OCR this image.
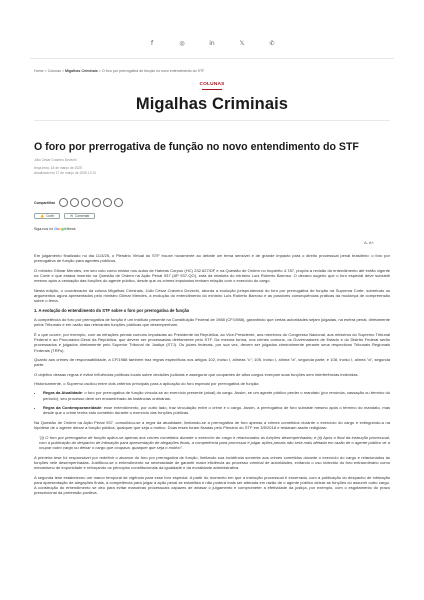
f	◎	in	𝕏	✆
Home > Colunas > Migalhas Criminais > O foro por prerrogativa de função no novo entendimento do STF
COLUNAS
Migalhas Criminais
O foro por prerrogativa de função no novo entendimento do STF
Júlio César Craveiro Devechi
terça-feira, 18 de março de 2025
Atualizado em 17 de março de 2025 12:12
Compartilhar
👍 Curtir	✉ Comentar
Siga-nos no GoogleNews
A- A+

Em julgamento finalizado no dia 11/3/25, o Plenário Virtual do STF trouxe novamente ao debate um tema sensível e de grande impacto para o direito processual penal brasileiro: o foro por prerrogativa de função para agentes públicos.

O ministro Gilmar Mendes, em seu voto como relator nos autos de Habeas Corpus (HC) 232.627/DF e na Questão de Ordem no Inquérito 4.787, propôs a revisão do entendimento até então vigente na Corte e que estava inserido na Questão de Ordem na Ação Penal 937 (AP 937-QO), esta da relatoria do ministro Luís Roberto Barroso. O decano sugeriu que o foro especial deve subsistir mesmo após a cessação das funções do agente público, desde que os crimes imputados tenham relação com o exercício do cargo.

Nesta edição, o coordenador da coluna Migalhas Criminais, Júlio César Craveiro Devechi, aborda a evolução jurisprudencial do foro por prerrogativa de função na Suprema Corte, sobretudo os argumentos agora apresentados pelo ministro Gilmar Mendes, a evolução do entendimento do ministro Luís Roberto Barroso e as possíveis consequências práticas da mudança de compreensão sobre o tema.

1. A evolução do entendimento do STF sobre o foro por prerrogativa de função

A competência do foro por prerrogativa de função é um instituto presente na Constituição Federal de 1988 (CF/1988), garantindo que certas autoridades sejam julgadas, na esfera penal, diretamente pelos Tribunais e em razão das relevantes funções públicas que desempenham.

É o que ocorre, por exemplo, com as infrações penais comuns imputadas ao Presidente da República, ao Vice-Presidente, aos membros do Congresso Nacional, aos ministros do Supremo Tribunal Federal e ao Procurador-Geral da República, que devem ser processadas diretamente pelo STF. Da mesma forma, nos crimes comuns, os Governadores de Estado e do Distrito Federal serão processados e julgados diretamente pelo Superior Tribunal de Justiça (STJ). Os juízes federais, por sua vez, devem ser julgados criminalmente perante seus respectivos Tribunais Regionais Federais (TRFs).

Quanto aos crimes de responsabilidade, a CF/1988 também traz regras específicas nos artigos 102, inciso I, alíneas "c"; 105, inciso I, alínea "a", segunda parte; e 108, inciso I, alínea "a", segunda parte.

O objetivo dessas regras é evitar influências políticas locais sobre decisões judiciais e assegurar que ocupantes de altos cargos exerçam suas funções sem interferências indevidas.

Historicamente, o Supremo oscilou entre dois critérios principais para a aplicação do foro especial por prerrogativa de função:

• Regra da Atualidade: o foro por prerrogativa de função vincula-se ao exercício presente (atual) do cargo. Assim, se um agente público perder o mandato (por renúncia, cassação ou término do período), seu processo deve ser encaminhado às instâncias ordinárias.
• Regra da Contemporaneidade: esse entendimento, por outro lado, traz vinculação entre o crime e o cargo. Assim, a prerrogativa de foro subsiste mesmo após o término do mandato, mas desde que o crime tenha sido cometido durante o exercício das funções públicas.

Na Questão de Ordem na Ação Penal 937, consolidou-se a regra da atualidade, limitando-se a prerrogativa de foro apenas a crimes cometidos durante o exercício do cargo e extinguindo-a na hipótese de o agente deixar a função pública, qualquer que seja o motivo. Duas teses foram fixadas pelo Plenário do STF em 3/5/2018 e restaram assim redigidas:

"(i) O foro por prerrogativa de função aplica-se apenas aos crimes cometidos durante o exercício do cargo e relacionados às funções desempenhadas; e (ii) Após o final da instrução processual, com a publicação do despacho de intimação para apresentação de alegações finais, a competência para processar e julgar ações penais não será mais afetada em razão de o agente público vir a ocupar outro cargo ou deixar o cargo que ocupava, qualquer que seja o motivo".

A primeira tese foi responsável por redefinir o alcance do foro por prerrogativa de função, limitando sua incidência somente aos crimes cometidos durante o exercício do cargo e relacionados às funções nele desempenhadas. Justificou-se o entendimento na necessidade de garantir maior eficiência ao processo criminal de autoridades, evitando o uso indevido do foro extraordinário como mecanismo de impunidade e reforçando os princípios constitucionais da igualdade e da moralidade administrativa.

A segunda tese estabeleceu um marco temporal de vigência para esse foro especial. A partir do momento em que a instrução processual é encerrada, com a publicação do despacho de intimação para apresentação de alegações finais, a competência para julgar a ação penal se estabiliza e não poderá mais ser alterada em razão de o agente público deixar as funções ou assumir outro cargo. A construção do entendimento se deu para evitar manobras processuais capazes de atrasar o julgamento e comprometer a efetividade da justiça, por exemplo, com o esgotamento do prazo prescricional da pretensão punitiva.
